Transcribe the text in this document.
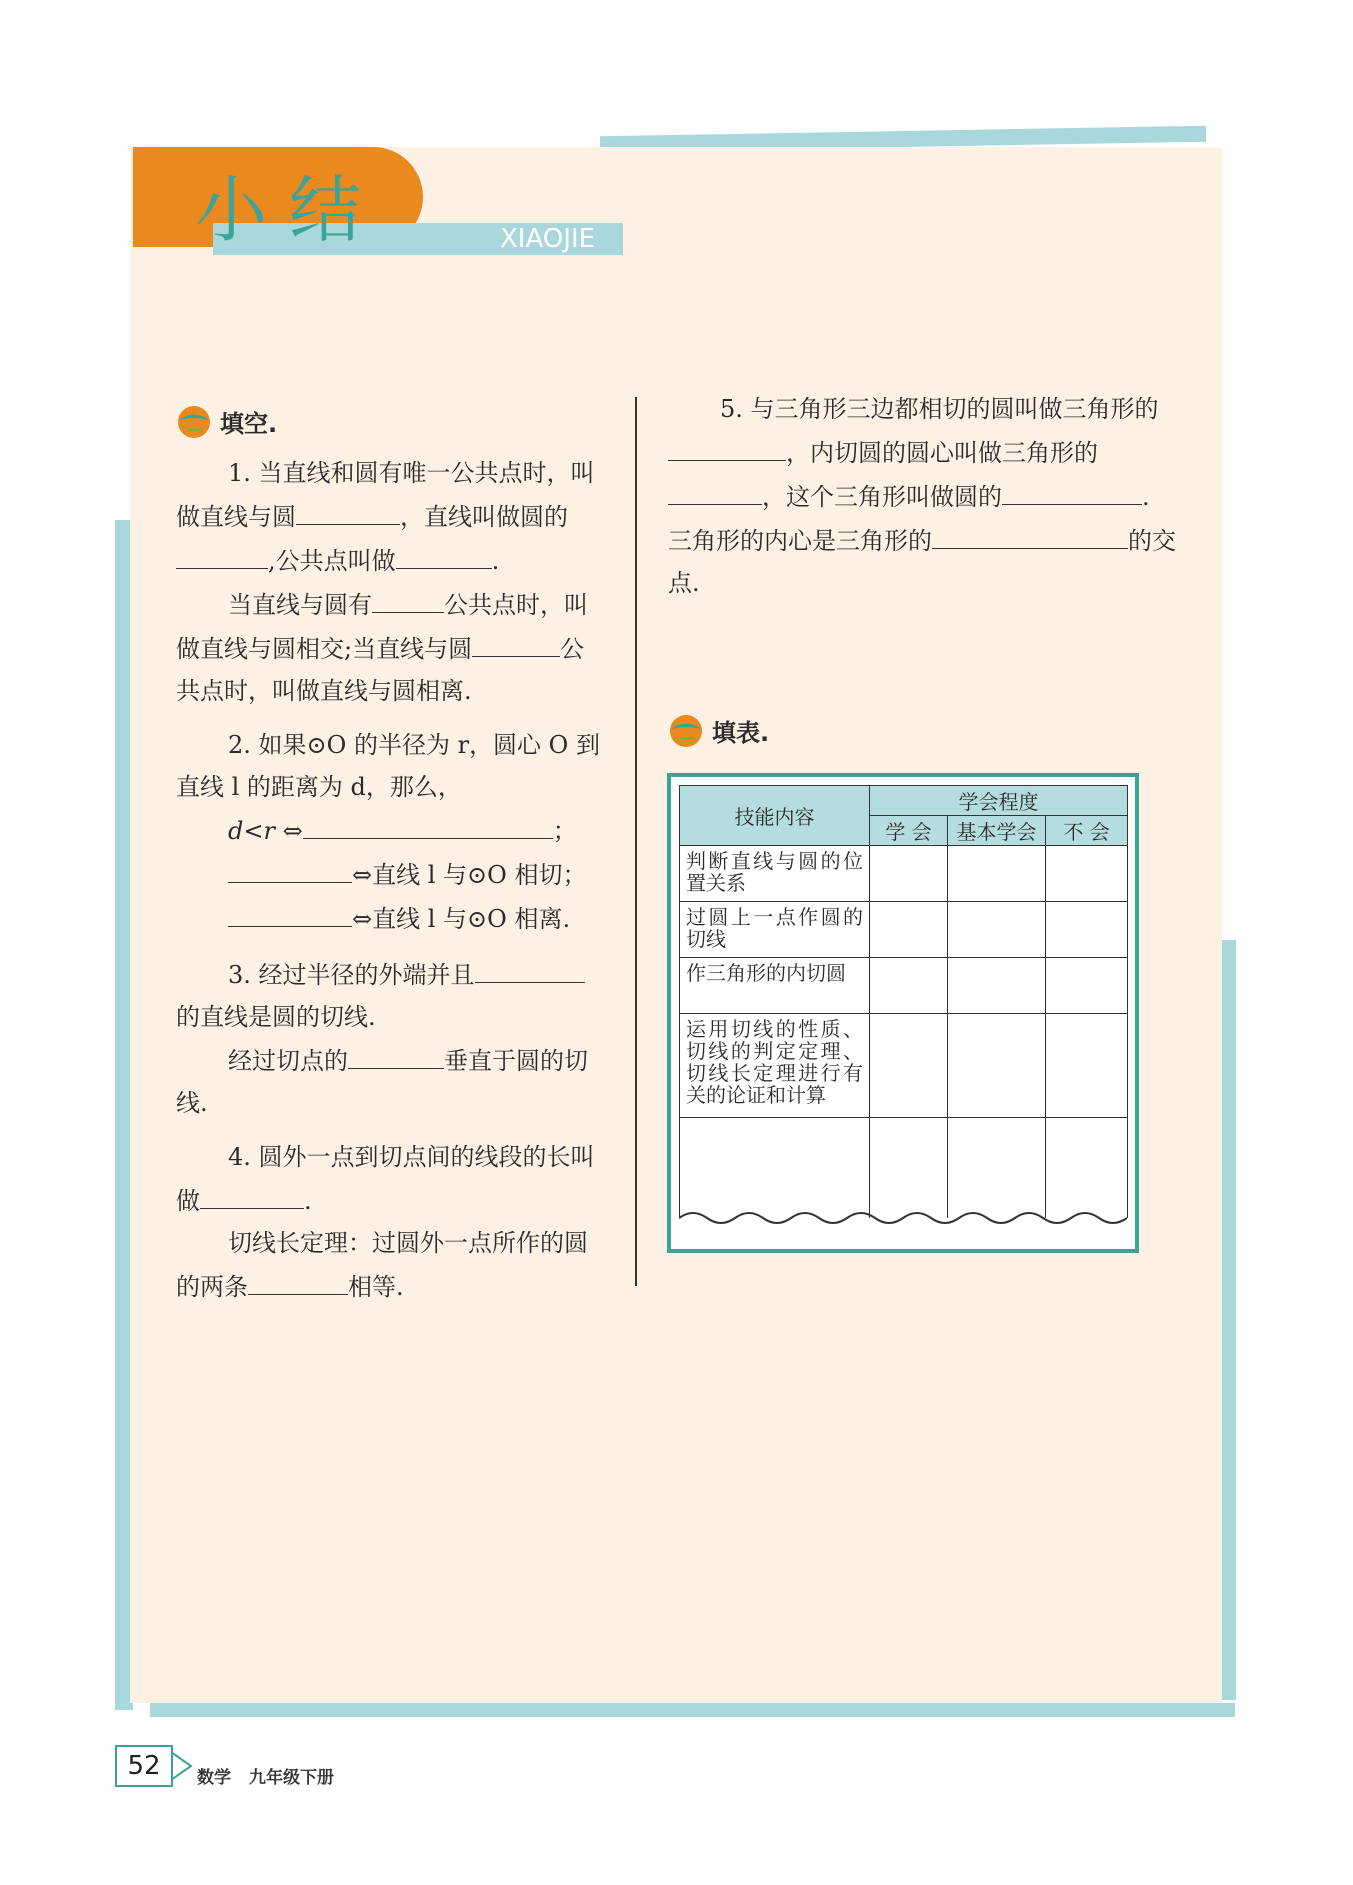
小结	XIAOJIE
填空.

1. 当直线和圆有唯一公共点时，叫做直线与圆	，直线叫做圆的,公共点叫做	.

当直线与圆有	公共点时，叫做直线与圆相交;当直线与圆	公共点时，叫做直线与圆相离.

2. 如果⊙O 的半径为 r，圆心 O 到直线 l 的距离为 d，那么，

d<r ⇔	；

⇔直线 l 与⊙O 相切；

⇔直线 l 与⊙O 相离.

3. 经过半径的外端并且的直线是圆的切线.

经过切点的	垂直于圆的切线.

4. 圆外一点到切点间的线段的长叫做	.

切线长定理：过圆外一点所作的圆的两条	相等.

5. 与三角形三边都相切的圆叫做三角形的，内切圆的圆心叫做三角形的，这个三角形叫做圆的	.

三角形的内心是三角形的	的交点.

填表.
技能内容	学会程度		
	学 会	基本学会	不 会
判断直线与圆的位置关系			
过圆上一点作圆的切线			
作三角形的内切圆			
运用切线的性质、切线的判定定理、切线长定理进行有关的论证和计算			

52	数学 九年级下册
